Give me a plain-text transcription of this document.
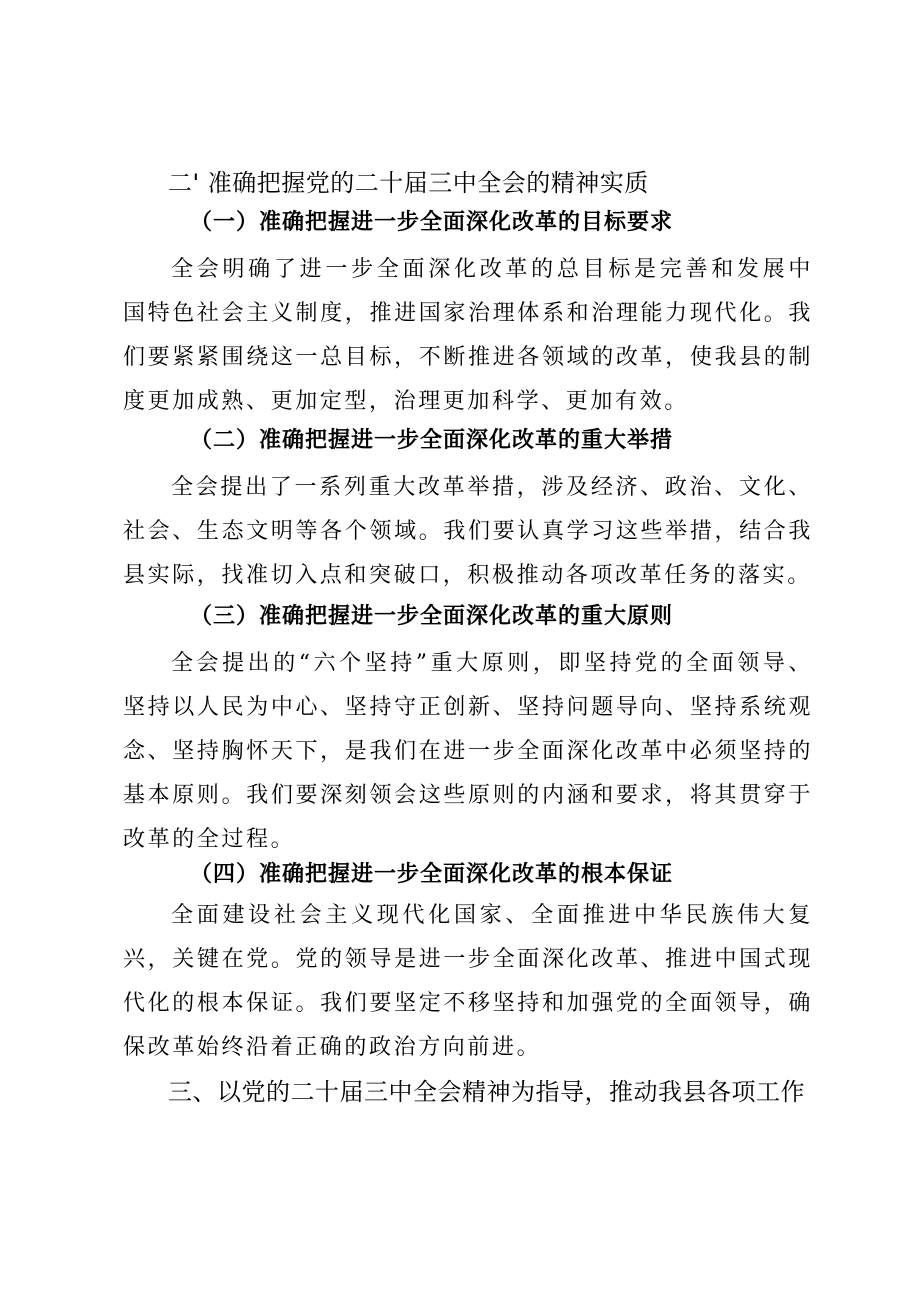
二' 准确把握党的二十届三中全会的精神实质
（一）准确把握进一步全面深化改革的目标要求

全会明确了进一步全面深化改革的总目标是完善和发展中 国特色社会主义制度，推进国家治理体系和治理能力现代化。我 们要紧紧围绕这一总目标，不断推进各领域的改革，使我县的制 度更加成熟、更加定型，治理更加科学、更加有效。

（二）准确把握进一步全面深化改革的重大举措

全会提出了一系列重大改革举措，涉及经济、政治、文化、 社会、生态文明等各个领域。我们要认真学习这些举措，结合我 县实际，找准切入点和突破口，积极推动各项改革任务的落实。

（三）准确把握进一步全面深化改革的重大原则

全会提出的“六个坚持”重大原则，即坚持党的全面领导、 坚持以人民为中心、坚持守正创新、坚持问题导向、坚持系统观 念、坚持胸怀天下，是我们在进一步全面深化改革中必须坚持的 基本原则。我们要深刻领会这些原则的内涵和要求，将其贯穿于 改革的全过程。

（四）准确把握进一步全面深化改革的根本保证

全面建设社会主义现代化国家、全面推进中华民族伟大复 兴，关键在党。党的领导是进一步全面深化改革、推进中国式现 代化的根本保证。我们要坚定不移坚持和加强党的全面领导，确 保改革始终沿着正确的政治方向前进。

三、以党的二十届三中全会精神为指导，推动我县各项工作
